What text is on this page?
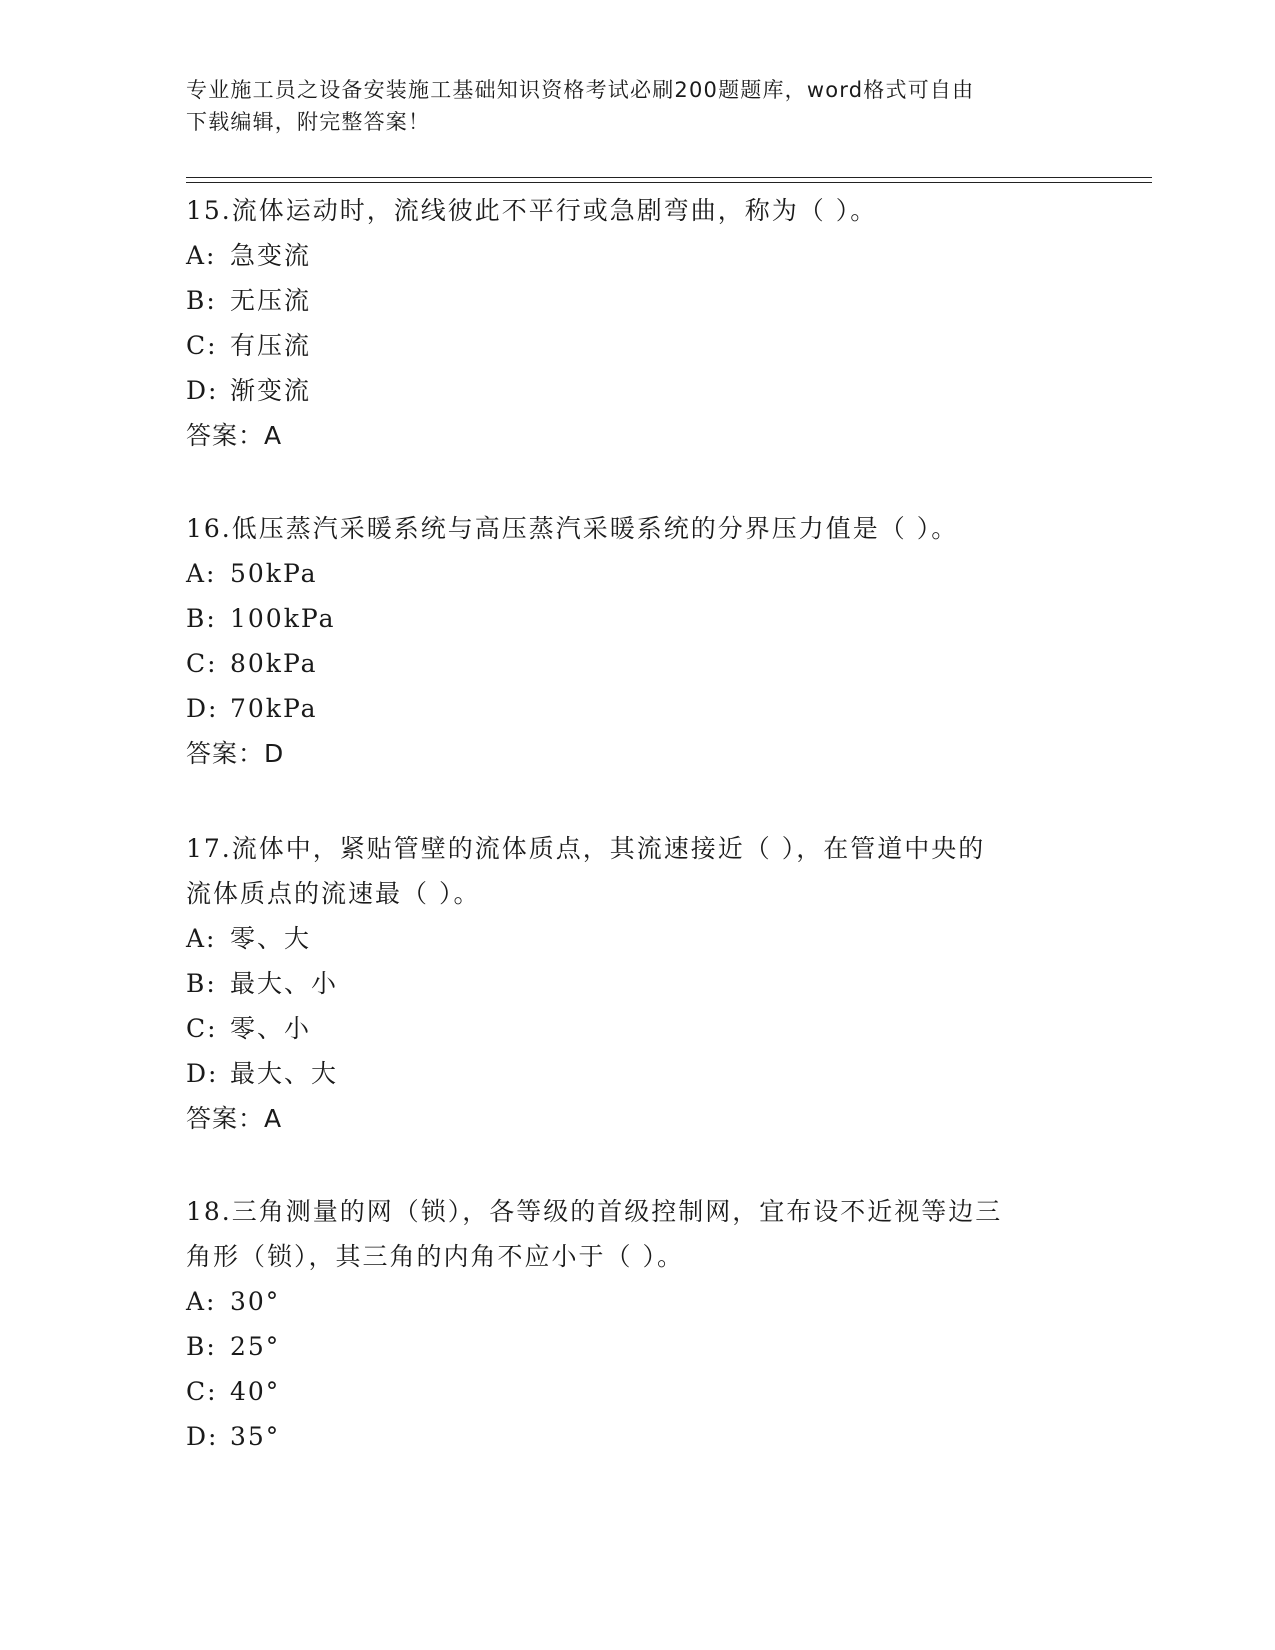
专业施工员之设备安装施工基础知识资格考试必刷200题题库，word格式可自由
下载编辑，附完整答案！
15.流体运动时，流线彼此不平行或急剧弯曲，称为（ ）。
A: 急变流
B: 无压流
C: 有压流
D: 渐变流
答案：A
16.低压蒸汽采暖系统与高压蒸汽采暖系统的分界压力值是（ ）。
A: 50kPa
B: 100kPa
C: 80kPa
D: 70kPa
答案：D
17.流体中，紧贴管壁的流体质点，其流速接近（ ），在管道中央的
流体质点的流速最（ ）。
A: 零、大
B: 最大、小
C: 零、小
D: 最大、大
答案：A
18.三角测量的网（锁），各等级的首级控制网，宜布设不近视等边三
角形（锁），其三角的内角不应小于（ ）。
A: 30°
B: 25°
C: 40°
D: 35°
